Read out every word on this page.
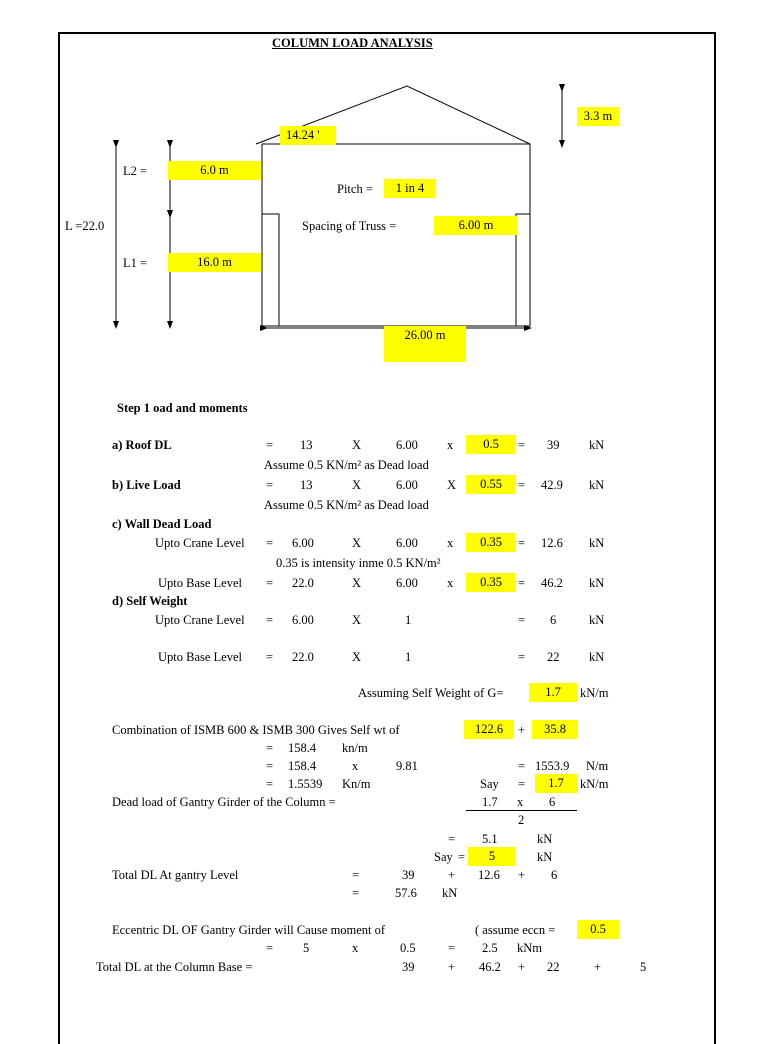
COLUMN LOAD ANALYSIS
3.3 m
14.24 '
L2 =	6.0 m
L =22.0
L1 =	16.0 m
Pitch =	1 in 4
Spacing of Truss =	6.00 m
26.00 m
Step 1 oad and moments
a) Roof DL	= 13	X	6.00 x	0.5	= 39 kN
Assume 0.5 KN/m² as Dead load
b) Live Load	= 13	X	6.00 X	0.55	= 42.9 kN
Assume 0.5 KN/m² as Dead load
c) Wall Dead Load
Upto Crane Level = 6.00	X	6.00 x	0.35	= 12.6 kN
0.35 is intensity inme 0.5 KN/m²
Upto Base Level = 22.0	X	6.00 x	0.35	= 46.2 kN
d) Self Weight
Upto Crane Level = 6.00	X	1	= 6	kN
Upto Base Level = 22.0	X	1	= 22 kN
Assuming Self Weight of G=	1.7	kN/m
Combination of ISMB 600 & ISMB 300 Gives Self wt of	122.6	+	35.8
= 158.4 kn/m
= 158.4	x	9.81	= 1553.9 N/m
= 1.5539 Kn/m	Say =	1.7	kN/m
Dead load of Gantry Girder of the Column =	1.7 x 6
2
= 5.1	kN
Say =	5	kN
Total DL At gantry Level	=	39	+ 12.6 + 6
=	57.6 kN
Eccentric DL OF Gantry Girder will Cause moment of	( assume eccn =	0.5
= 5	x	0.5	= 2.5 kNm
Total DL at the Column Base =	39	+ 46.2 + 22	+	5
